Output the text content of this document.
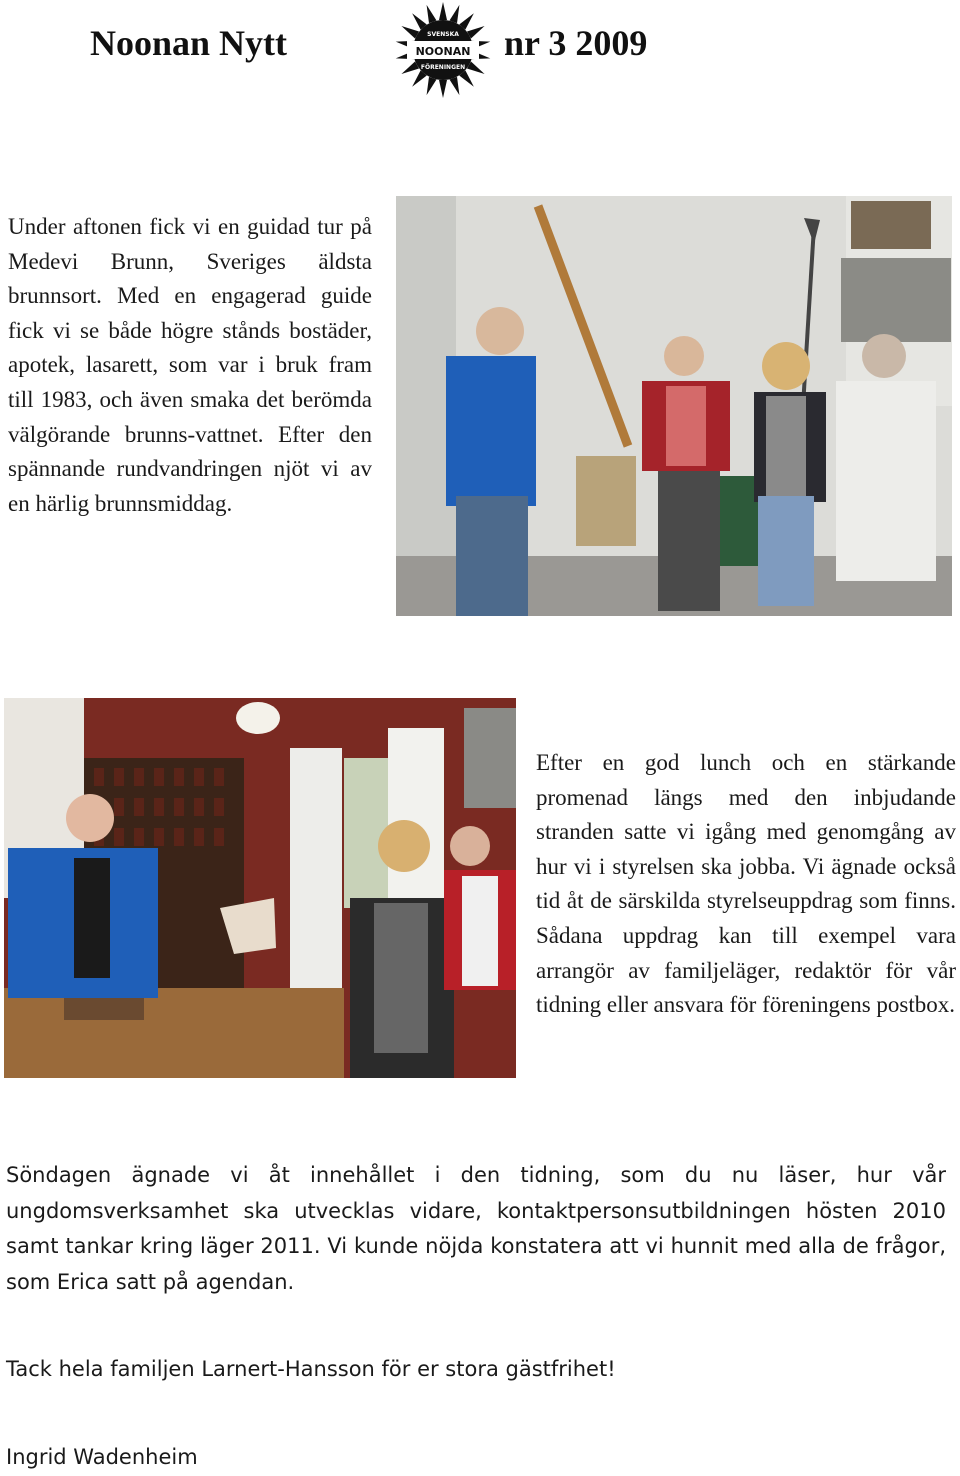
Noonan Nytt	SVENSKA
NOONAN
FÖRENINGEN
nr 3 2009

Under aftonen fick vi en guidad tur på Medevi Brunn, Sveriges äldsta brunnsort. Med en engagerad guide fick vi se både högre stånds bostäder, apotek, lasarett, som var i bruk fram till 1983, och även smaka det berömda välgörande brunns-vattnet. Efter den spännande rundvandringen njöt vi av en härlig brunnsmiddag.

Efter en god lunch och en stärkande promenad längs med den inbjudande stranden satte vi igång med genomgång av hur vi i styrelsen ska jobba. Vi ägnade också tid åt de särskilda styrelseuppdrag som finns. Sådana uppdrag kan till exempel vara arrangör av familjeläger, redaktör för vår tidning eller ansvara för föreningens postbox.

Söndagen ägnade vi åt innehållet i den tidning, som du nu läser, hur vår ungdomsverksamhet ska utvecklas vidare, kontaktpersonsutbildningen hösten 2010 samt tankar kring läger 2011. Vi kunde nöjda konstatera att vi hunnit med alla de frågor, som Erica satt på agendan.

Tack hela familjen Larnert-Hansson för er stora gästfrihet!

Ingrid Wadenheim
